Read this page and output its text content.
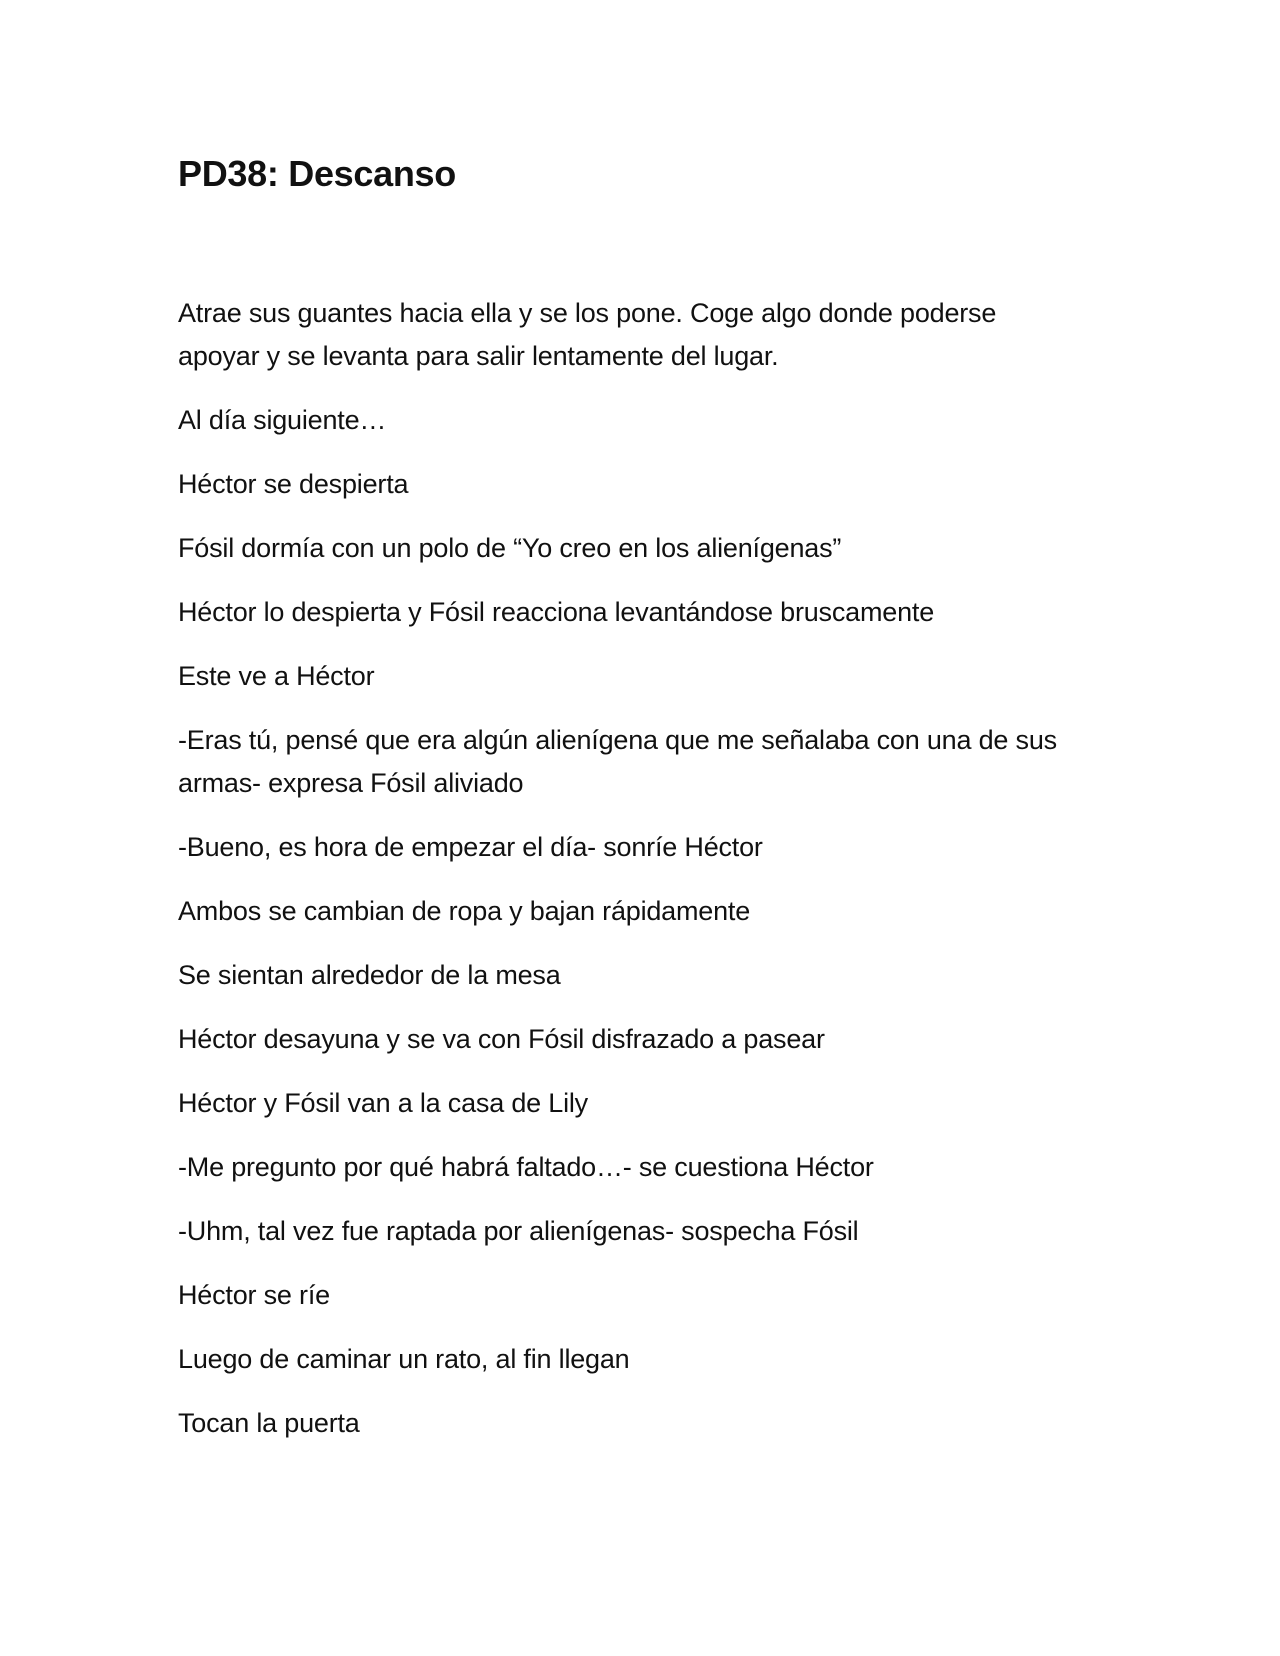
PD38: Descanso

Atrae sus guantes hacia ella y se los pone. Coge algo donde poderse apoyar y se levanta para salir lentamente del lugar.

Al día siguiente…

Héctor se despierta

Fósil dormía con un polo de “Yo creo en los alienígenas”

Héctor lo despierta y Fósil reacciona levantándose bruscamente

Este ve a Héctor

-Eras tú, pensé que era algún alienígena que me señalaba con una de sus armas- expresa Fósil aliviado

-Bueno, es hora de empezar el día- sonríe Héctor

Ambos se cambian de ropa y bajan rápidamente

Se sientan alrededor de la mesa

Héctor desayuna y se va con Fósil disfrazado a pasear

Héctor y Fósil van a la casa de Lily

-Me pregunto por qué habrá faltado…- se cuestiona Héctor

-Uhm, tal vez fue raptada por alienígenas- sospecha Fósil

Héctor se ríe

Luego de caminar un rato, al fin llegan

Tocan la puerta
